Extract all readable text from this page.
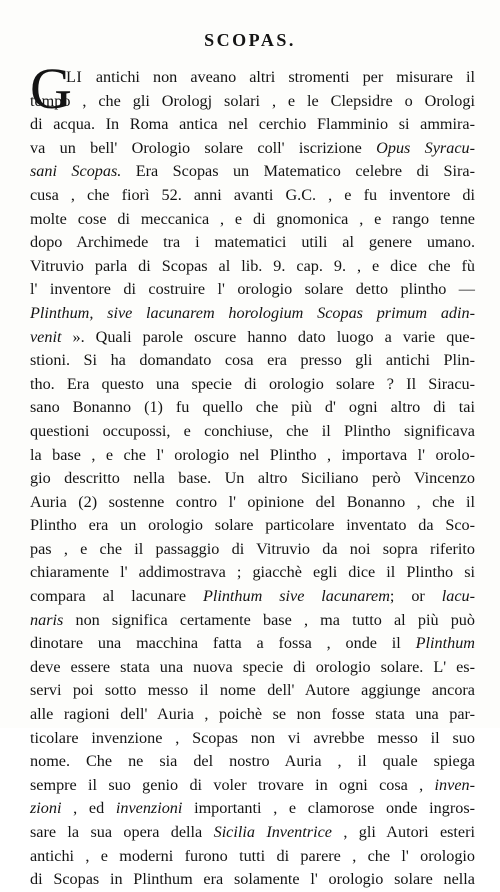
SCOPAS.
G
LI antichi non aveano altri stromenti per misurare il
tempo , che gli Orologj solari , e le Clepsidre o Orologi
di acqua. In Roma antica nel cerchio Flamminio si ammira-
va un bell' Orologio solare coll' iscrizione Opus Syracu-
sani Scopas. Era Scopas un Matematico celebre di Sira-
cusa , che fiorì 52. anni avanti G.C. , e fu inventore di
molte cose di meccanica , e di gnomonica , e rango tenne
dopo Archimede tra i matematici utili al genere umano.
Vitruvio parla di Scopas al lib. 9. cap. 9. , e dice che fù
l' inventore di costruire l' orologio solare detto plintho —
Plinthum, sive lacunarem horologium Scopas primum adin-
venit ». Quali parole oscure hanno dato luogo a varie que-
stioni. Si ha domandato cosa era presso gli antichi Plin-
tho. Era questo una specie di orologio solare ? Il Siracu-
sano Bonanno (1) fu quello che più d' ogni altro di tai
questioni occupossi, e conchiuse, che il Plintho significava
la base , e che l' orologio nel Plintho , importava l' orolo-
gio descritto nella base. Un altro Siciliano però Vincenzo
Auria (2) sostenne contro l' opinione del Bonanno , che il
Plintho era un orologio solare particolare inventato da Sco-
pas , e che il passaggio di Vitruvio da noi sopra riferito
chiaramente l' addimostrava ; giacchè egli dice il Plintho si
compara al lacunare Plinthum sive lacunarem; or lacu-
naris non significa certamente base , ma tutto al più può
dinotare una macchina fatta a fossa , onde il Plinthum
deve essere stata una nuova specie di orologio solare. L' es-
servi poi sotto messo il nome dell' Autore aggiunge ancora
alle ragioni dell' Auria , poichè se non fosse stata una par-
ticolare invenzione , Scopas non vi avrebbe messo il suo
nome. Che ne sia del nostro Auria , il quale spiega
sempre il suo genio di voler trovare in ogni cosa , inven-
zioni , ed invenzioni importanti , e clamorose onde ingros-
sare la sua opera della Sicilia Inventrice , gli Autori esteri
antichi , e moderni furono tutti di parere , che l' orologio
di Scopas in Plinthum era solamente l' orologio solare nella
